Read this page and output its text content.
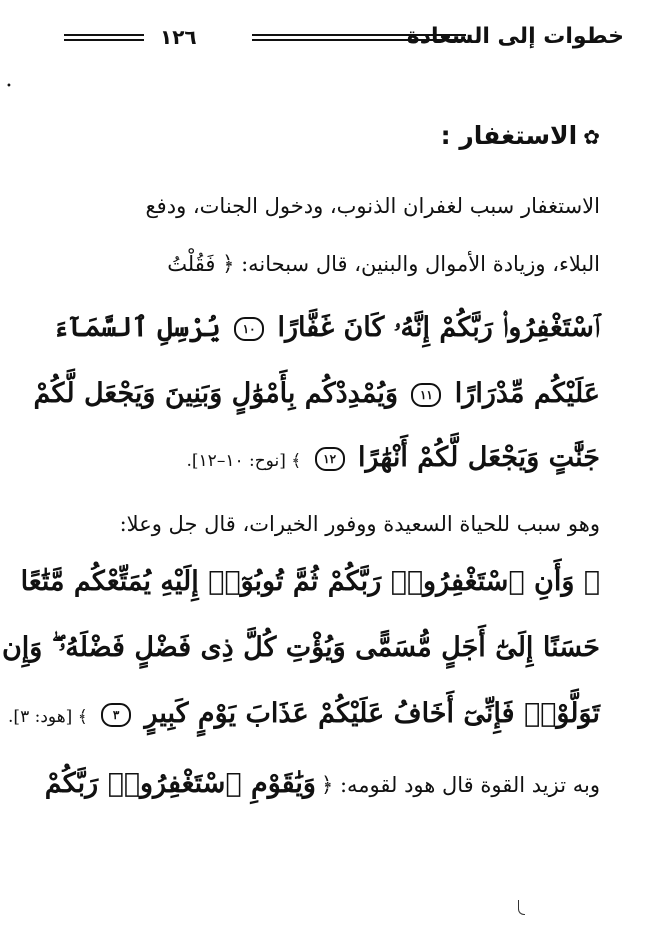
خطوات إلى السعادة
١٢٦
•
✿الاستغفار :
الاستغفار سبب لغفران الذنوب، ودخول الجنات، ودفع
البلاء، وزيادة الأموال والبنين، قال سبحانه: ﴿ فَقُلْتُ
ٱسْتَغْفِرُوا۟ رَبَّكُمْ إِنَّهُۥ كَانَ غَفَّارًا ١٠ يُرْسِلِ ٱلسَّمَآءَ
عَلَيْكُم مِّدْرَارًا ١١ وَيُمْدِدْكُم بِأَمْوَٰلٍ وَبَنِينَ وَيَجْعَل لَّكُمْ
جَنَّٰتٍ وَيَجْعَل لَّكُمْ أَنْهَٰرًا ١٢ ﴾ [نوح: ١٠–١٢].
وهو سبب للحياة السعيدة ووفور الخيرات، قال جل وعلا:
﴿ وَأَنِ ٱسْتَغْفِرُوا۟ رَبَّكُمْ ثُمَّ تُوبُوٓا۟ إِلَيْهِ يُمَتِّعْكُم مَّتَٰعًا
حَسَنًا إِلَىٰٓ أَجَلٍ مُّسَمًّى وَيُؤْتِ كُلَّ ذِى فَضْلٍ فَضْلَهُۥ ۖ وَإِن
تَوَلَّوْا۟ فَإِنِّىٓ أَخَافُ عَلَيْكُمْ عَذَابَ يَوْمٍ كَبِيرٍ ٣ ﴾ [هود: ٣].
وبه تزيد القوة قال هود لقومه: ﴿ وَيَٰقَوْمِ ٱسْتَغْفِرُوا۟ رَبَّكُمْ
